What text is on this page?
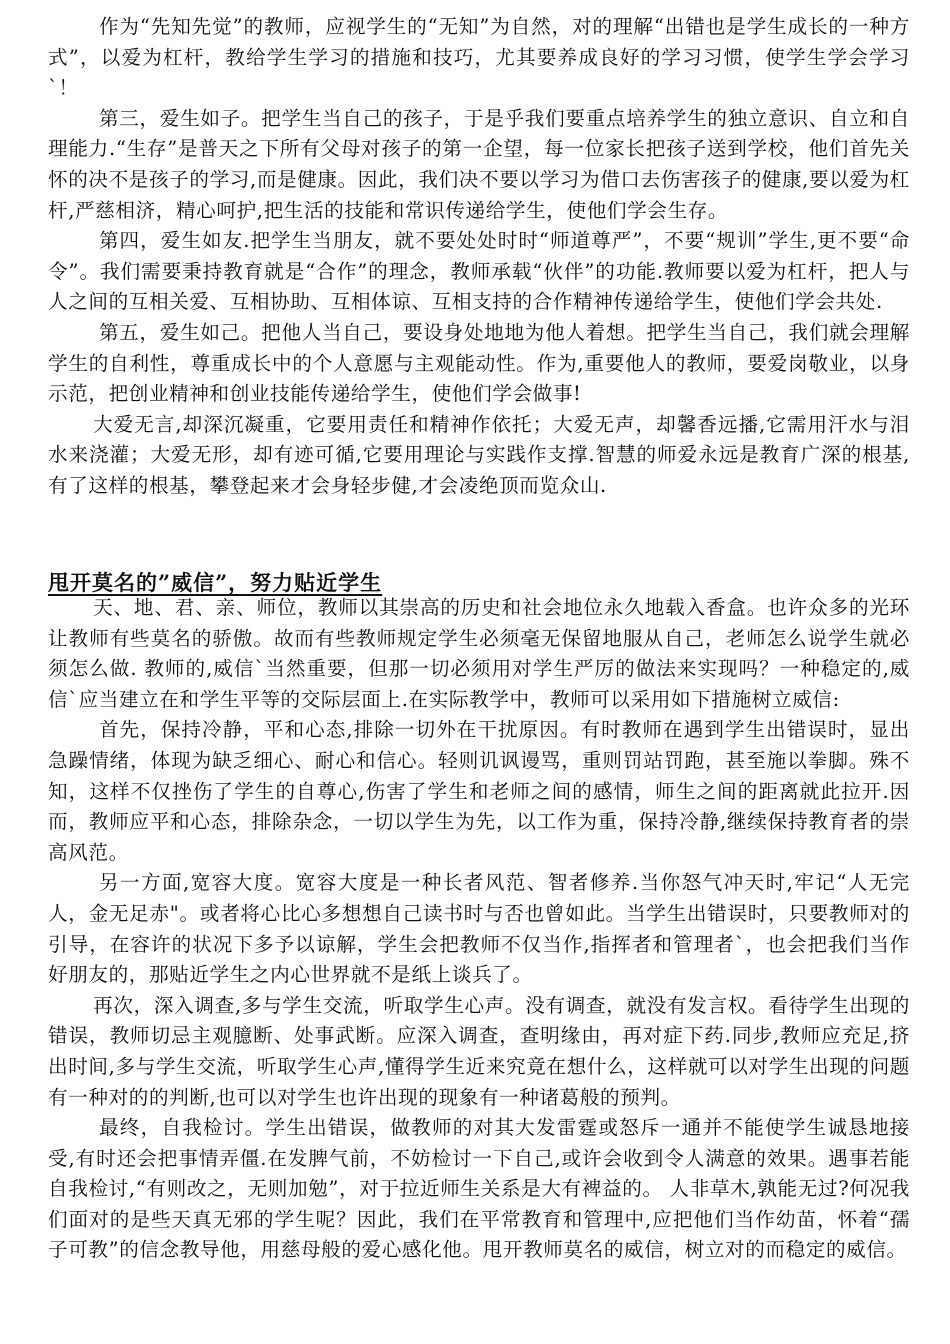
作为“先知先觉”的教师，应视学生的“无知”为自然，对的理解“出错也是学生成长的一种方式”，以爱为杠杆，教给学生学习的措施和技巧，尤其要养成良好的学习习惯，使学生学会学习`！

第三，爱生如子。把学生当自己的孩子，于是乎我们要重点培养学生的独立意识、自立和自理能力.“生存”是普天之下所有父母对孩子的第一企望，每一位家长把孩子送到学校，他们首先关怀的决不是孩子的学习,而是健康。因此，我们决不要以学习为借口去伤害孩子的健康,要以爱为杠杆,严慈相济，精心呵护,把生活的技能和常识传递给学生，使他们学会生存。

第四，爱生如友.把学生当朋友，就不要处处时时“师道尊严”，不要“规训”学生,更不要“命令”。我们需要秉持教育就是“合作”的理念，教师承载“伙伴”的功能.教师要以爱为杠杆，把人与人之间的互相关爱、互相协助、互相体谅、互相支持的合作精神传递给学生，使他们学会共处.

第五，爱生如己。把他人当自己，要设身处地地为他人着想。把学生当自己，我们就会理解学生的自利性，尊重成长中的个人意愿与主观能动性。作为,重要他人的教师，要爱岗敬业，以身示范，把创业精神和创业技能传递给学生，使他们学会做事!

大爱无言,却深沉凝重，它要用责任和精神作依托；大爱无声，却馨香远播,它需用汗水与泪水来浇灌；大爱无形，却有迹可循,它要用理论与实践作支撑.智慧的师爱永远是教育广深的根基,有了这样的根基，攀登起来才会身轻步健,才会凌绝顶而览众山.

甩开莫名的”威信”，努力贴近学生

天、地、君、亲、师位，教师以其崇高的历史和社会地位永久地载入香盒。也许众多的光环让教师有些莫名的骄傲。故而有些教师规定学生必须毫无保留地服从自己，老师怎么说学生就必须怎么做. 教师的,威信`当然重要，但那一切必须用对学生严厉的做法来实现吗？一种稳定的,威信`应当建立在和学生平等的交际层面上.在实际教学中，教师可以采用如下措施树立威信:

首先，保持冷静，平和心态,排除一切外在干扰原因。有时教师在遇到学生出错误时，显出急躁情绪，体现为缺乏细心、耐心和信心。轻则讥讽谩骂，重则罚站罚跑，甚至施以拳脚。殊不知，这样不仅挫伤了学生的自尊心,伤害了学生和老师之间的感情，师生之间的距离就此拉开.因而，教师应平和心态，排除杂念，一切以学生为先，以工作为重，保持冷静,继续保持教育者的崇高风范。

另一方面,宽容大度。宽容大度是一种长者风范、智者修养.当你怒气冲天时,牢记“人无完人，金无足赤"。或者将心比心多想想自己读书时与否也曾如此。当学生出错误时，只要教师对的引导，在容许的状况下多予以谅解，学生会把教师不仅当作,指挥者和管理者`，也会把我们当作好朋友的，那贴近学生之内心世界就不是纸上谈兵了。

再次，深入调查,多与学生交流，听取学生心声。没有调查，就没有发言权。看待学生出现的错误，教师切忌主观臆断、处事武断。应深入调查，查明缘由，再对症下药.同步,教师应充足,挤出时间,多与学生交流，听取学生心声,懂得学生近来究竟在想什么，这样就可以对学生出现的问题有一种对的的判断,也可以对学生也许出现的现象有一种诸葛般的预判。

最终，自我检讨。学生出错误，做教师的对其大发雷霆或怒斥一通并不能使学生诚恳地接受,有时还会把事情弄僵.在发脾气前，不妨检讨一下自己,或许会收到令人满意的效果。遇事若能自我检讨,“有则改之，无则加勉”，对于拉近师生关系是大有裨益的。 人非草木,孰能无过?何况我们面对的是些天真无邪的学生呢？因此，我们在平常教育和管理中,应把他们当作幼苗，怀着“孺子可教”的信念教导他，用慈母般的爱心感化他。甩开教师莫名的威信，树立对的而稳定的威信。
